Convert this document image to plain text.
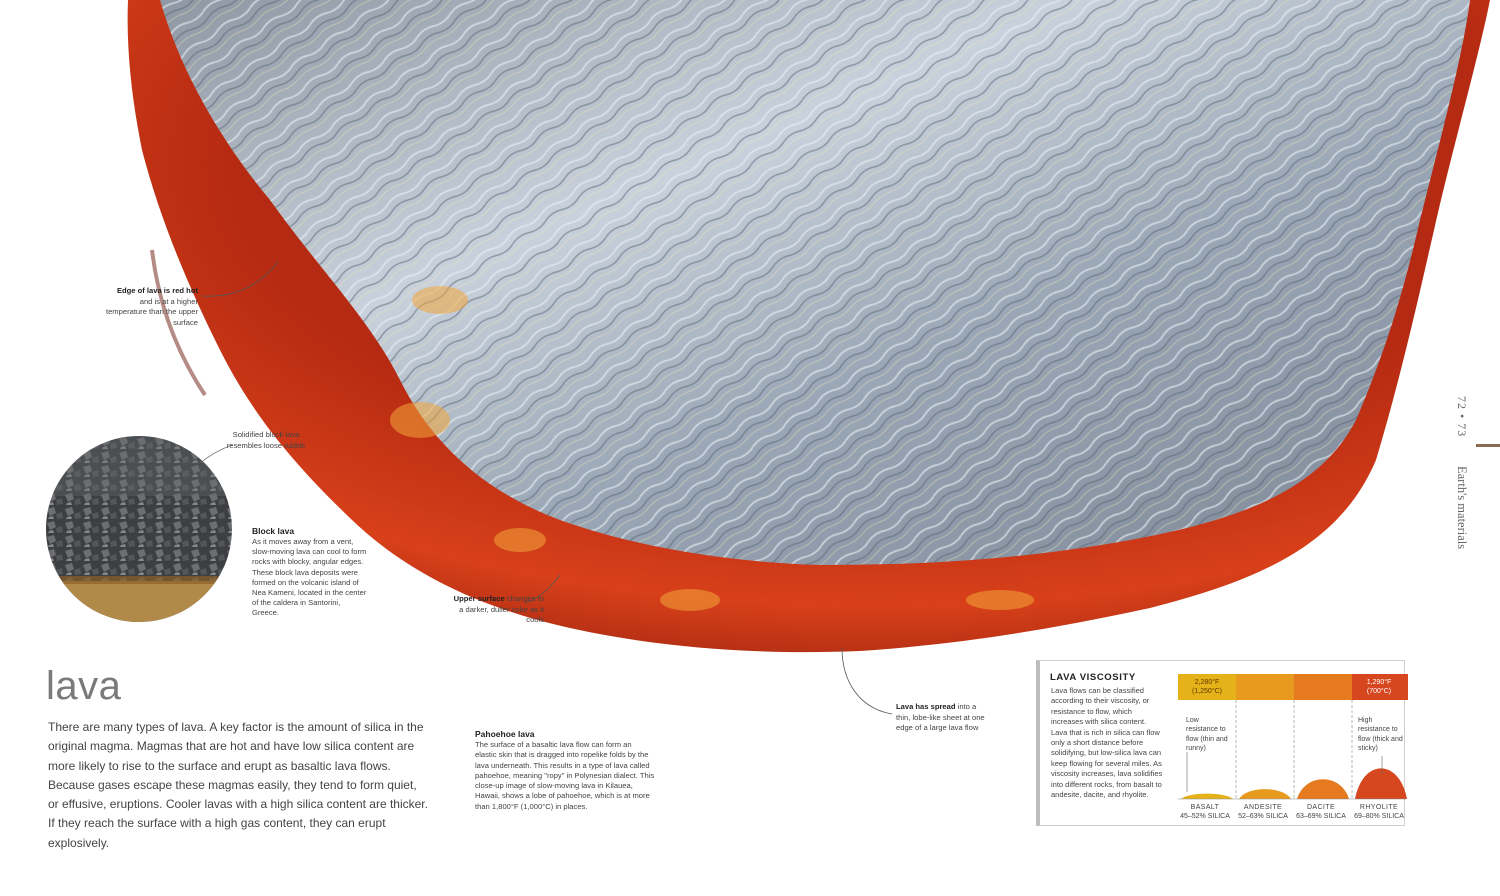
Edge of lava is red hot and is at a higher temperature than the upper surface
Solidified block lava resembles loose rubble
Upper surface changes to a darker, duller color as it cools
Lava has spread into a thin, lobe-like sheet at one edge of a large lava flow
Block lava
As it moves away from a vent, slow-moving lava can cool to form rocks with blocky, angular edges. These block lava deposits were formed on the volcanic island of Nea Kameni, located in the center of the caldera in Santorini, Greece.
lava
There are many types of lava. A key factor is the amount of silica in the original magma. Magmas that are hot and have low silica content are more likely to rise to the surface and erupt as basaltic lava flows. Because gases escape these magmas easily, they tend to form quiet, or effusive, eruptions. Cooler lavas with a high silica content are thicker. If they reach the surface with a high gas content, they can erupt explosively.
Pahoehoe lava
The surface of a basaltic lava flow can form an elastic skin that is dragged into ropelike folds by the lava underneath. This results in a type of lava called pahoehoe, meaning "ropy" in Polynesian dialect. This close-up image of slow-moving lava in Kilauea, Hawaii, shows a lobe of pahoehoe, which is at more than 1,800°F (1,000°C) in places.
72 • 73
Earth's materials
LAVA VISCOSITY
Lava flows can be classified according to their viscosity, or resistance to flow, which increases with silica content. Lava that is rich in silica can flow only a short distance before solidifying, but low-silica lava can keep flowing for several miles. As viscosity increases, lava solidifies into different rocks, from basalt to andesite, dacite, and rhyolite.
2,280°F
(1,250°C)
1,290°F
(700°C)
Low resistance to flow (thin and runny)
High resistance to flow (thick and sticky)
BASALT
45–52% SILICA
ANDESITE
52–63% SILICA
DACITE
63–69% SILICA
RHYOLITE
69–80% SILICA
